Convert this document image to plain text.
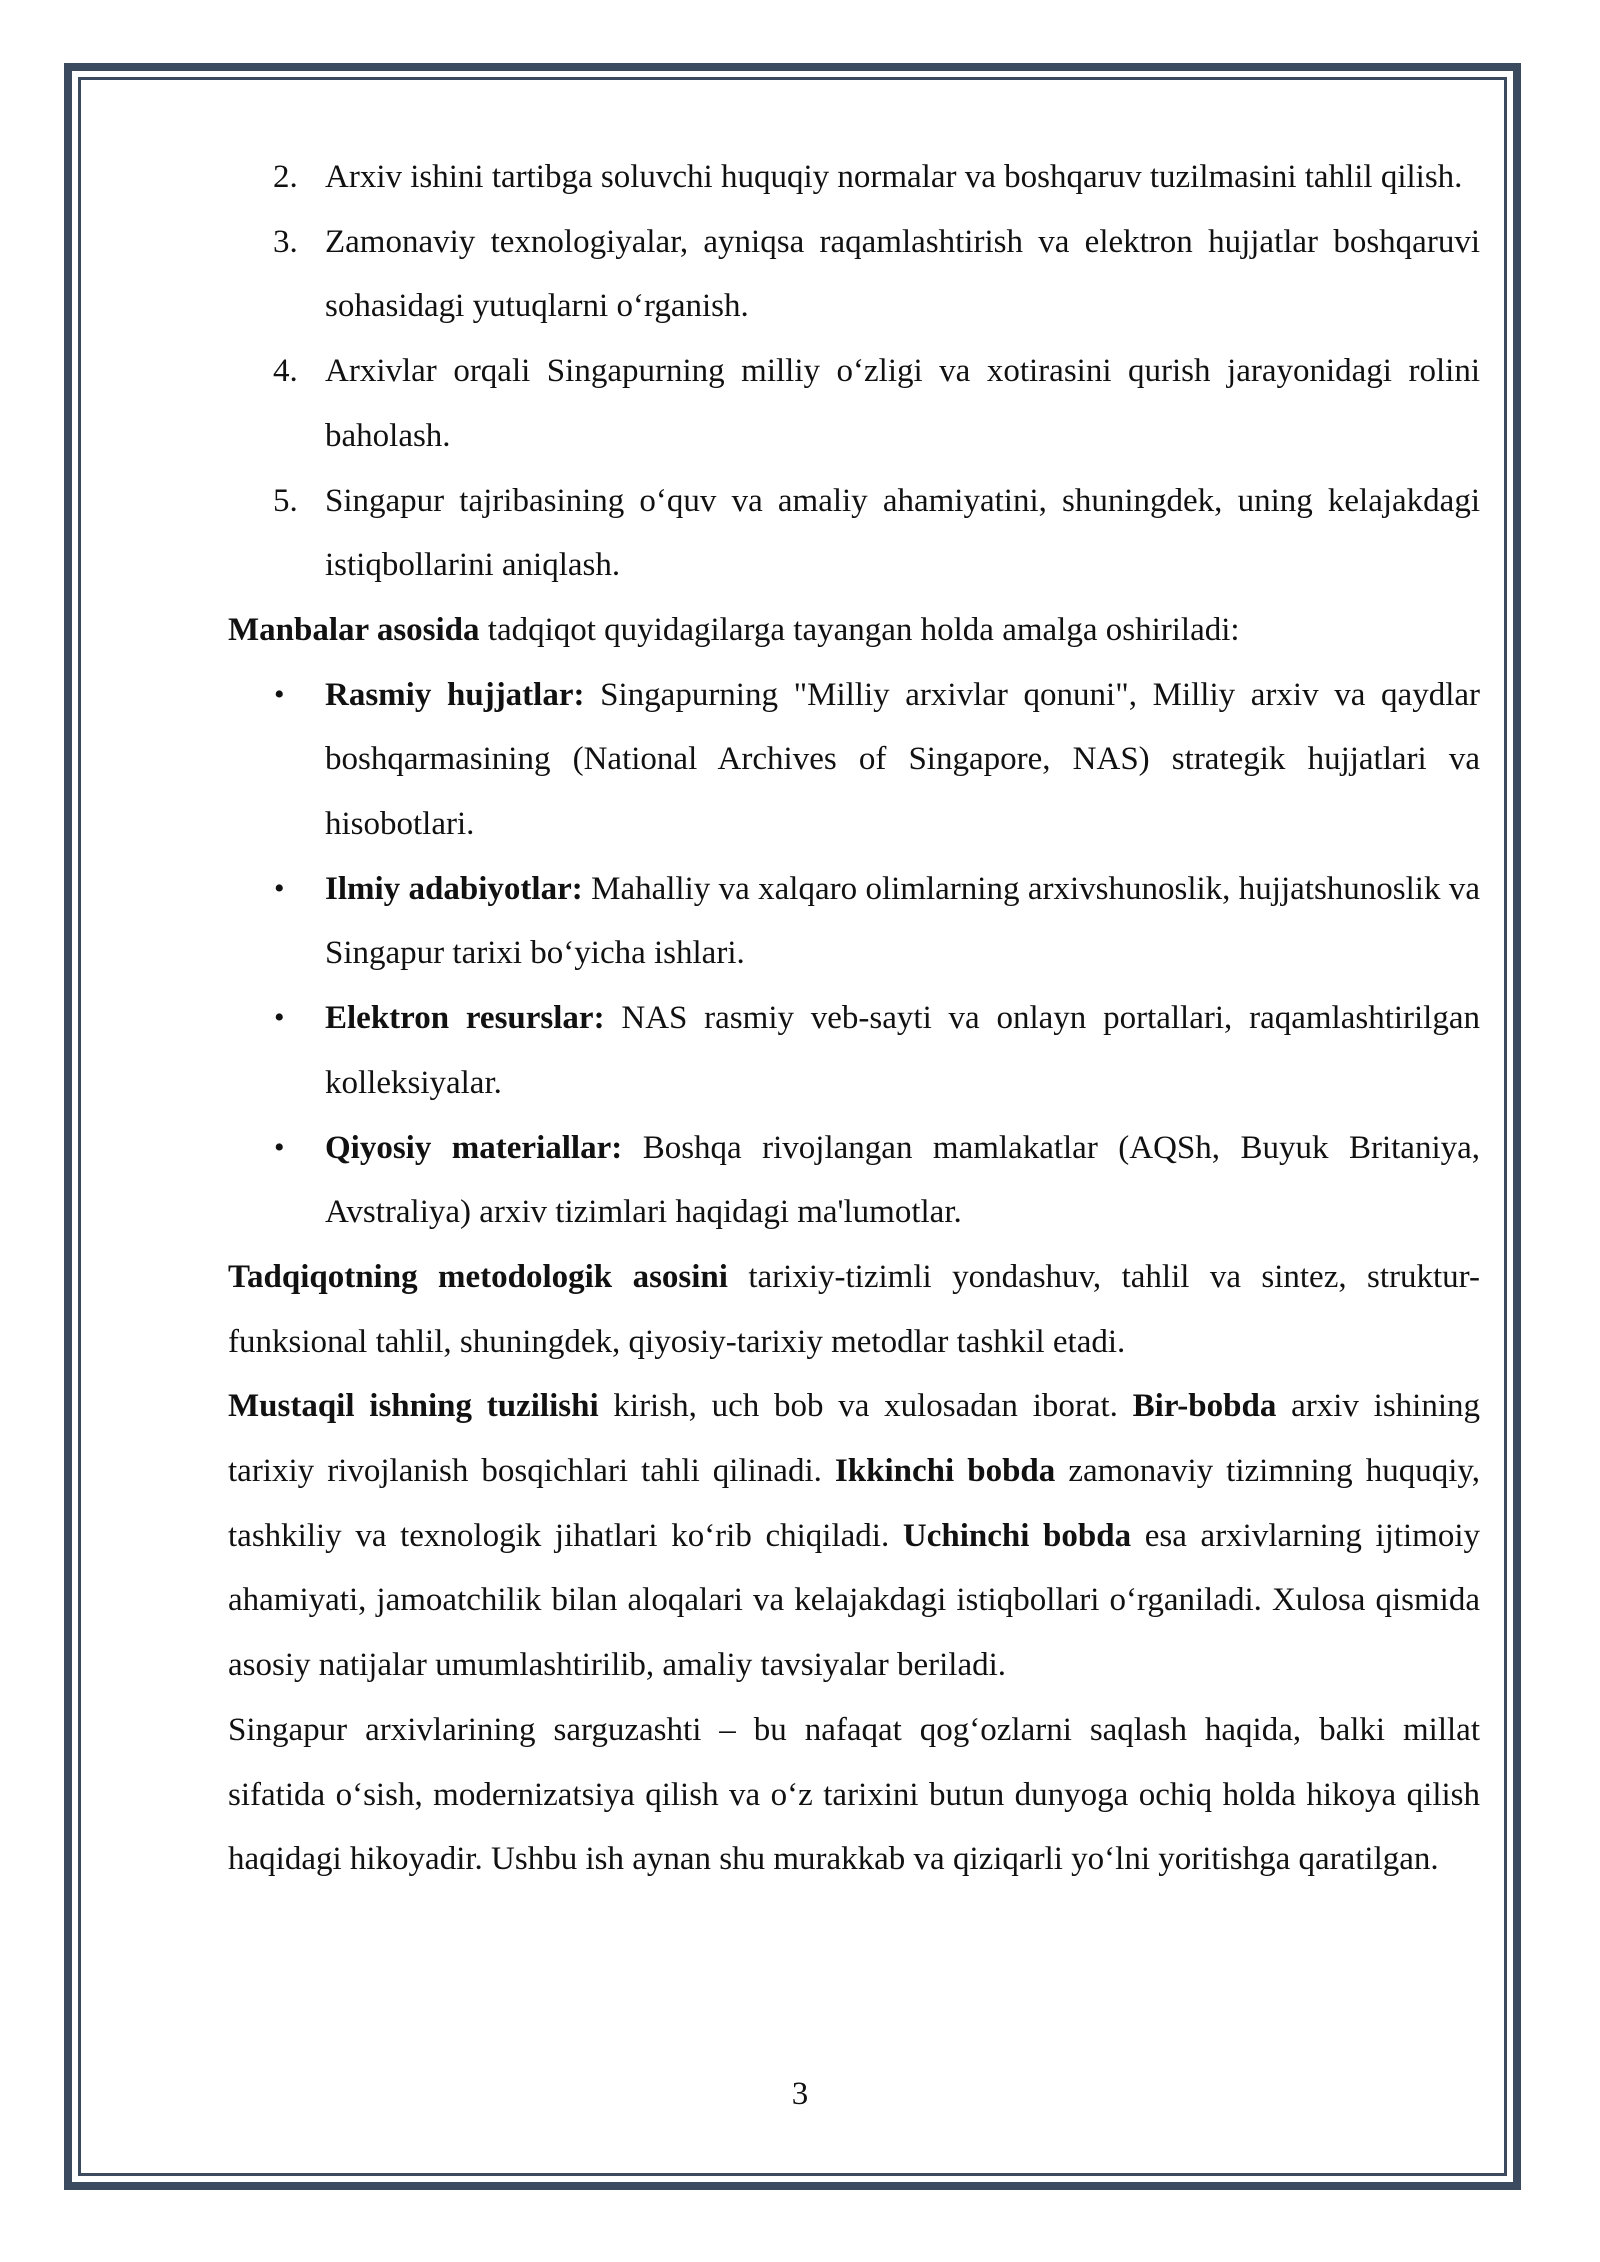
2. Arxiv ishini tartibga soluvchi huquqiy normalar va boshqaruv tuzilmasini tahlil qilish.
3. Zamonaviy texnologiyalar, ayniqsa raqamlashtirish va elektron hujjatlar boshqaruvi sohasidagi yutuqlarni o‘rganish.
4. Arxivlar orqali Singapurning milliy o‘zligi va xotirasini qurish jarayonidagi rolini baholash.
5. Singapur tajribasining o‘quv va amaliy ahamiyatini, shuningdek, uning kelajakdagi istiqbollarini aniqlash.

Manbalar asosida tadqiqot quyidagilarga tayangan holda amalga oshiriladi:

• Rasmiy hujjatlar: Singapurning "Milliy arxivlar qonuni", Milliy arxiv va qaydlar boshqarmasining (National Archives of Singapore, NAS) strategik hujjatlari va hisobotlari.
• Ilmiy adabiyotlar: Mahalliy va xalqaro olimlarning arxivshunoslik, hujjatshunoslik va Singapur tarixi bo‘yicha ishlari.
• Elektron resurslar: NAS rasmiy veb-sayti va onlayn portallari, raqamlashtirilgan kolleksiyalar.
• Qiyosiy materiallar: Boshqa rivojlangan mamlakatlar (AQSh, Buyuk Britaniya, Avstraliya) arxiv tizimlari haqidagi ma'lumotlar.

Tadqiqotning metodologik asosini tarixiy-tizimli yondashuv, tahlil va sintez, struktur-funksional tahlil, shuningdek, qiyosiy-tarixiy metodlar tashkil etadi.

Mustaqil ishning tuzilishi kirish, uch bob va xulosadan iborat. Bir-bobda arxiv ishining tarixiy rivojlanish bosqichlari tahli qilinadi. Ikkinchi bobda zamonaviy tizimning huquqiy, tashkiliy va texnologik jihatlari ko‘rib chiqiladi. Uchinchi bobda esa arxivlarning ijtimoiy ahamiyati, jamoatchilik bilan aloqalari va kelajakdagi istiqbollari o‘rganiladi. Xulosa qismida asosiy natijalar umumlashtirilib, amaliy tavsiyalar beriladi.

Singapur arxivlarining sarguzashti – bu nafaqat qog‘ozlarni saqlash haqida, balki millat sifatida o‘sish, modernizatsiya qilish va o‘z tarixini butun dunyoga ochiq holda hikoya qilish haqidagi hikoyadir. Ushbu ish aynan shu murakkab va qiziqarli yo‘lni yoritishga qaratilgan.

3
